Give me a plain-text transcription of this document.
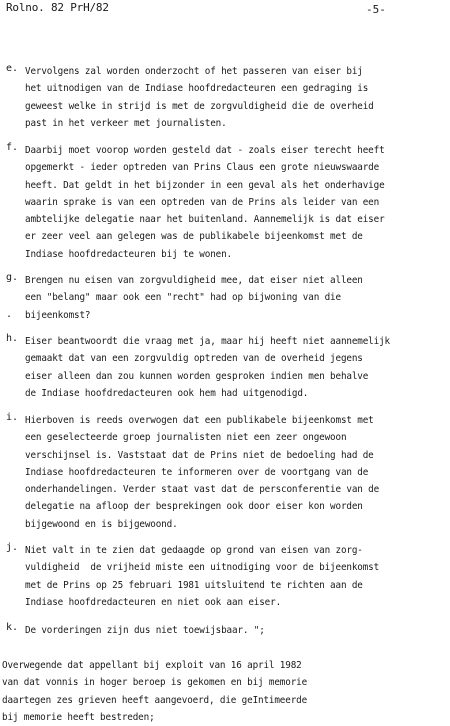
Rolno. 82 PrH/82	-5-
e. Vervolgens zal worden onderzocht of het passeren van eiser bij
het uitnodigen van de Indiase hoofdredacteuren een gedraging is
geweest welke in strijd is met de zorgvuldigheid die de overheid
past in het verkeer met journalisten.

f. Daarbij moet voorop worden gesteld dat - zoals eiser terecht heeft
opgemerkt - ieder optreden van Prins Claus een grote nieuwswaarde
heeft. Dat geldt in het bijzonder in een geval als het onderhavige
waarin sprake is van een optreden van de Prins als leider van een
ambtelijke delegatie naar het buitenland. Aannemelijk is dat eiser
er zeer veel aan gelegen was de publikabele bijeenkomst met de
Indiase hoofdredacteuren bij te wonen.

g. Brengen nu eisen van zorgvuldigheid mee, dat eiser niet alleen
een "belang" maar ook een "recht" had op bijwoning van die
bijeenkomst?

.
h. Eiser beantwoordt die vraag met ja, maar hij heeft niet aannemelijk
gemaakt dat van een zorgvuldig optreden van de overheid jegens
eiser alleen dan zou kunnen worden gesproken indien men behalve
de Indiase hoofdredacteuren ook hem had uitgenodigd.

i. Hierboven is reeds overwogen dat een publikabele bijeenkomst met
een geselecteerde groep journalisten niet een zeer ongewoon
verschijnsel is. Vaststaat dat de Prins niet de bedoeling had de
Indiase hoofdredacteuren te informeren over de voortgang van de
onderhandelingen. Verder staat vast dat de persconferentie van de
delegatie na afloop der besprekingen ook door eiser kon worden
bijgewoond en is bijgewoond.

j. Niet valt in te zien dat gedaagde op grond van eisen van zorg-
vuldigheid  de vrijheid miste een uitnodiging voor de bijeenkomst
met de Prins op 25 februari 1981 uitsluitend te richten aan de
Indiase hoofdredacteuren en niet ook aan eiser.

k. De vorderingen zijn dus niet toewijsbaar. ";

Overwegende dat appellant bij exploit van 16 april 1982
van dat vonnis in hoger beroep is gekomen en bij memorie
daartegen zes grieven heeft aangevoerd, die geIntimeerde
bij memorie heeft bestreden;
